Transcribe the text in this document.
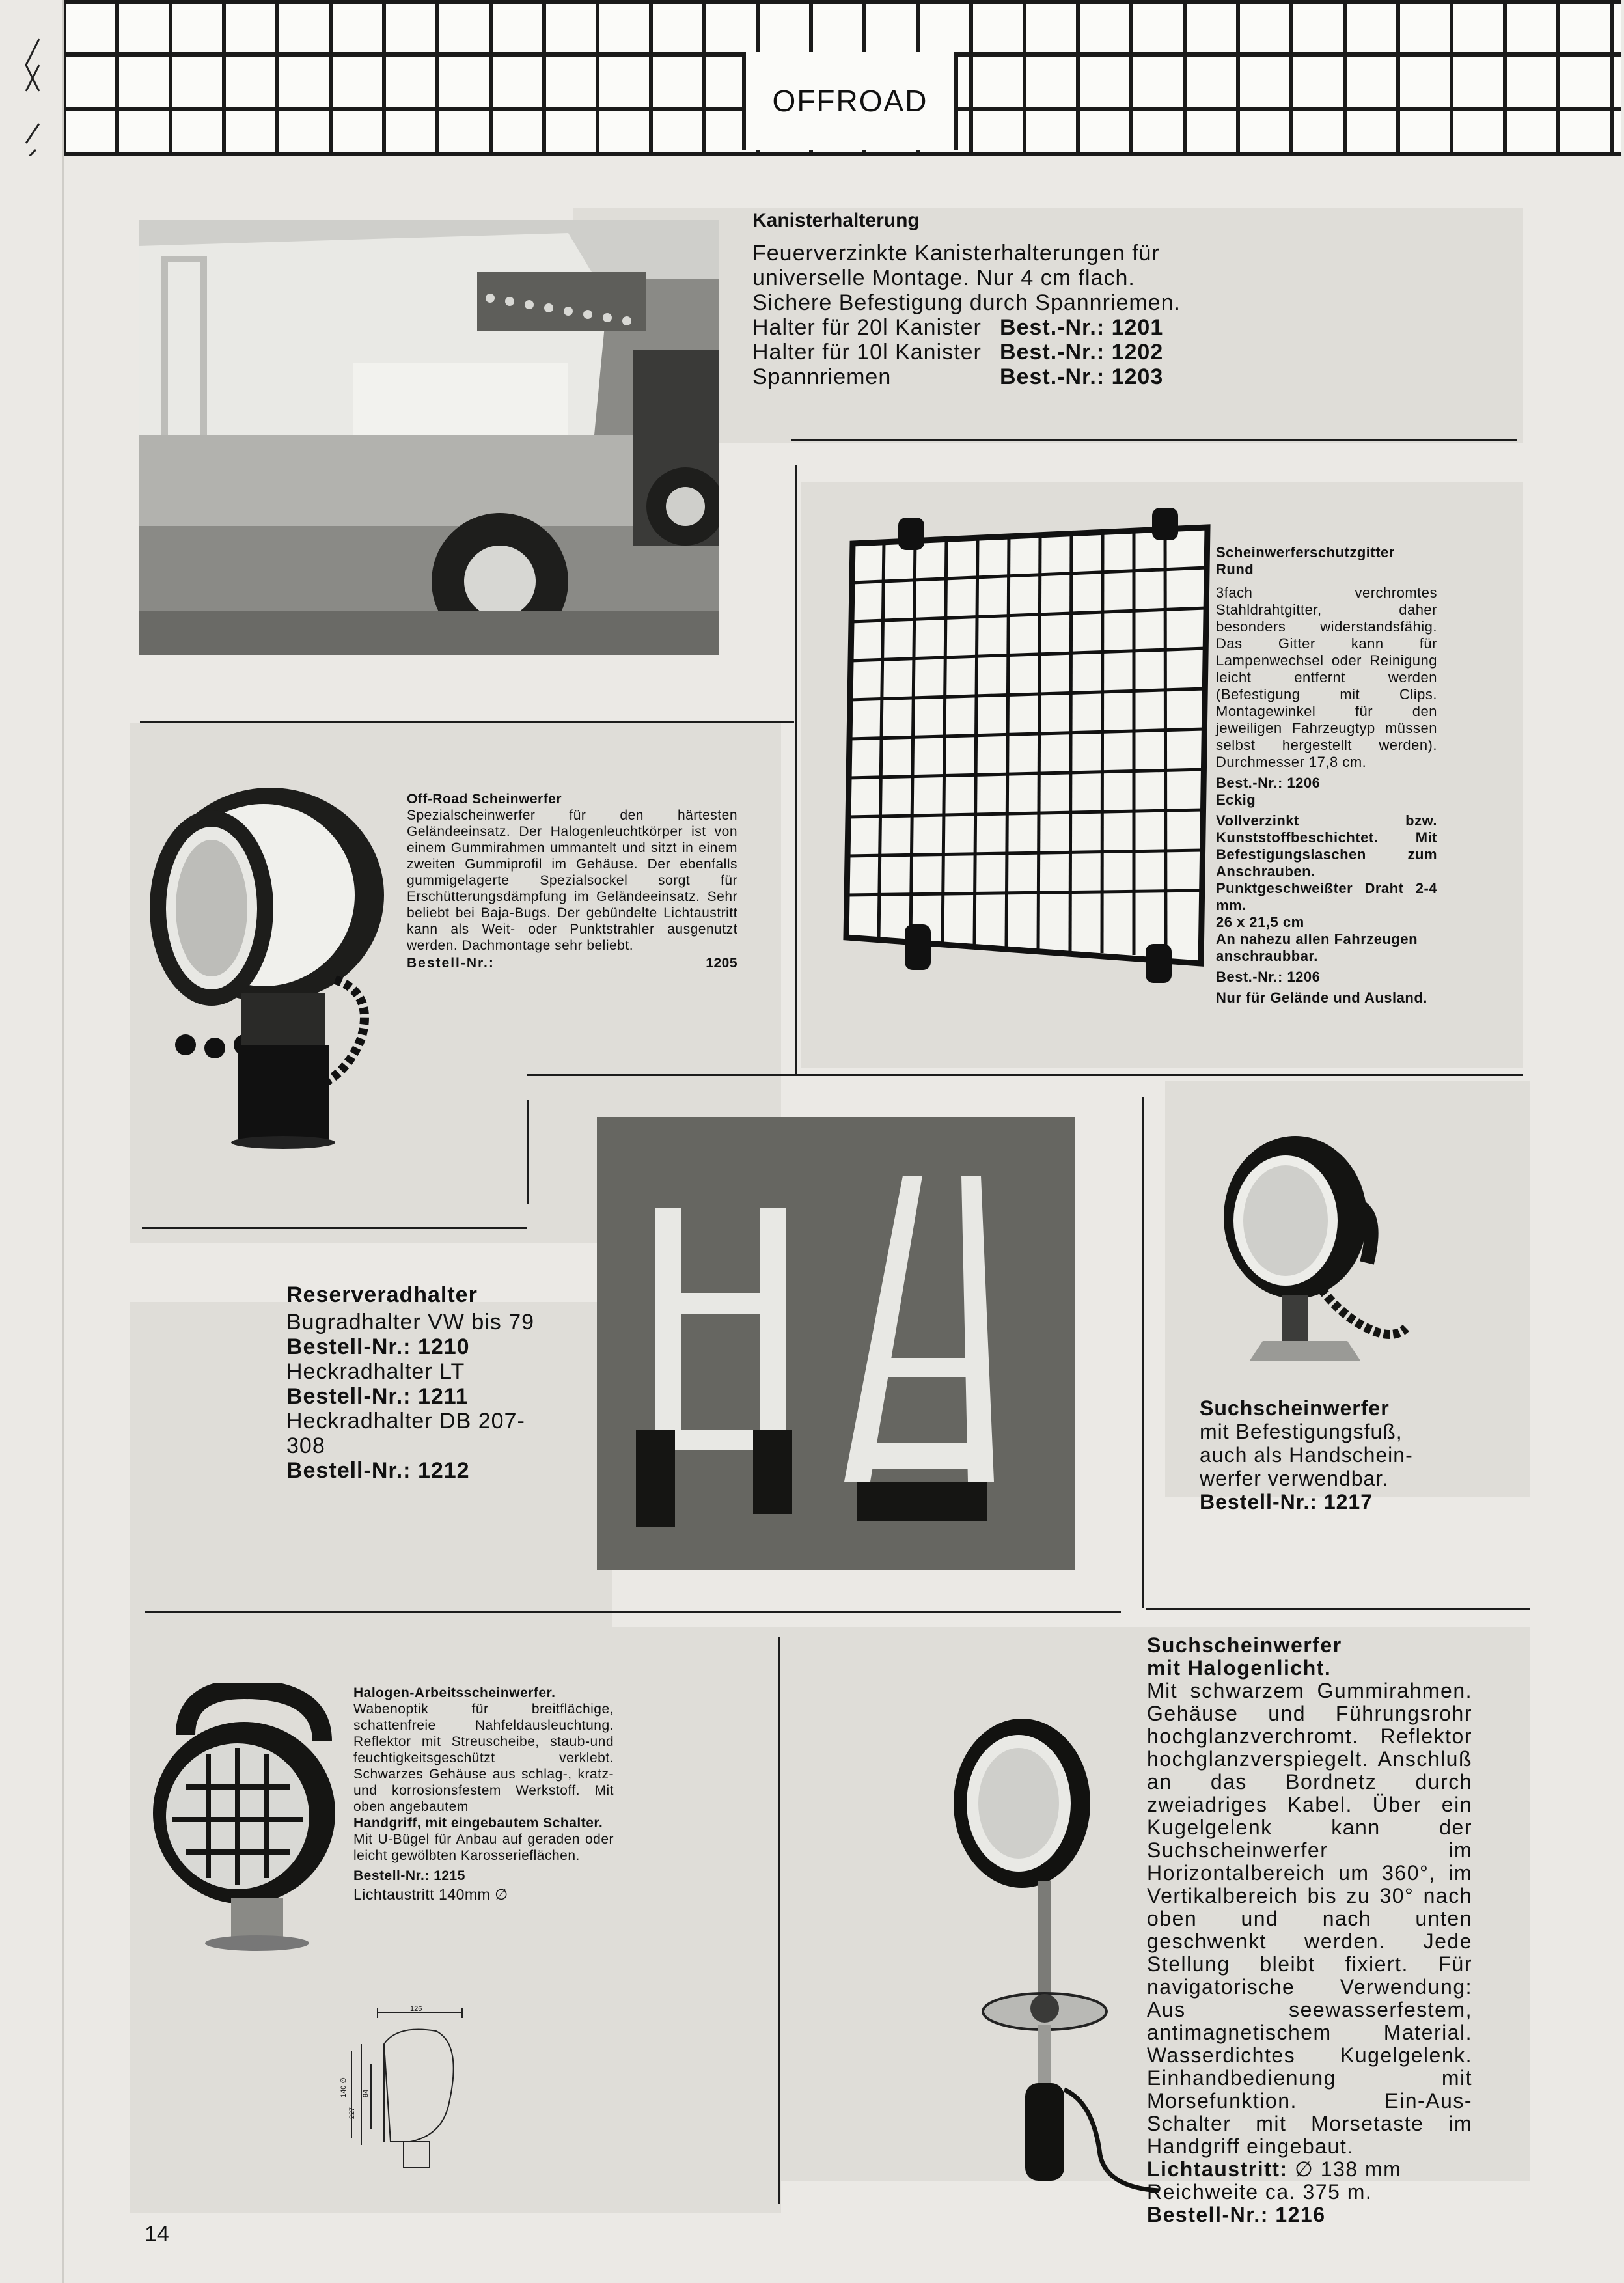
OFFROAD
Kanisterhalterung
Feuerverzinkte Kanisterhalterungen für
universelle Montage. Nur 4 cm flach.
Sichere Befestigung durch Spannriemen.
Halter für 20l Kanister Best.-Nr.: 1201
Halter für 10l Kanister Best.-Nr.: 1202
Spannriemen	Best.-Nr.: 1203
Scheinwerferschutzgitter
Rund
3fach verchromtes Stahldrahtgitter, daher besonders widerstandsfähig. Das Gitter kann für Lampenwechsel oder Reinigung leicht entfernt werden (Befestigung mit Clips. Montagewinkel für den jeweiligen Fahrzeugtyp müssen selbst hergestellt werden). Durchmesser 17,8 cm.
Best.-Nr.: 1206
Eckig
Vollverzinkt bzw. Kunststoffbeschichtet. Mit Befestigungslaschen zum Anschrauben. Punktgeschweißter Draht 2-4 mm.
26 x 21,5 cm
An nahezu allen Fahrzeugen anschraubbar.
Best.-Nr.: 1206
Nur für Gelände und Ausland.
Off-Road Scheinwerfer
Spezialscheinwerfer für den härtesten Geländeeinsatz. Der Halogenleuchtkörper ist von einem Gummirahmen ummantelt und sitzt in einem zweiten Gummiprofil im Gehäuse. Der ebenfalls gummigelagerte Spezialsockel sorgt für Erschütterungsdämpfung im Geländeeinsatz. Sehr beliebt bei Baja-Bugs. Der gebündelte Lichtaustritt kann als Weit- oder Punktstrahler ausgenutzt werden. Dachmontage sehr beliebt.
Bestell-Nr.:	1205
Reserveradhalter
Bugradhalter VW bis 79
Bestell-Nr.: 1210
Heckradhalter LT
Bestell-Nr.: 1211
Heckradhalter DB 207-308
Bestell-Nr.: 1212
Suchscheinwerfer
mit Befestigungsfuß,
auch als Handschein-
werfer verwendbar.
Bestell-Nr.: 1217
Halogen-Arbeitsscheinwerfer.
Wabenoptik für breitflächige, schattenfreie Nahfeldausleuchtung. Reflektor mit Streuscheibe, staub-und feuchtigkeitsgeschützt verklebt. Schwarzes Gehäuse aus schlag-, kratz-und korrosionsfestem Werkstoff. Mit oben angebautem
Handgriff, mit eingebautem Schalter.
Mit U-Bügel für Anbau auf geraden oder leicht gewölbten Karosserieflächen.
Bestell-Nr.: 1215
Lichtaustritt 140mm ∅
126
140 ∅
227
84
Suchscheinwerfer
mit Halogenlicht.
Mit schwarzem Gummirahmen. Gehäuse und Führungsrohr hochglanzverchromt. Reflektor hochglanzverspiegelt. Anschluß an das Bordnetz durch zweiadriges Kabel. Über ein Kugelgelenk kann der Suchscheinwerfer im Horizontalbereich um 360°, im Vertikalbereich bis zu 30° nach oben und nach unten geschwenkt werden. Jede Stellung bleibt fixiert. Für navigatorische Verwendung: Aus seewasserfestem, antimagnetischem Material. Wasserdichtes Kugelgelenk. Einhandbedienung mit Morsefunktion. Ein-Aus-Schalter mit Morsetaste im Handgriff eingebaut.
Lichtaustritt: ∅ 138 mm
Reichweite ca. 375 m.
Bestell-Nr.: 1216
14
